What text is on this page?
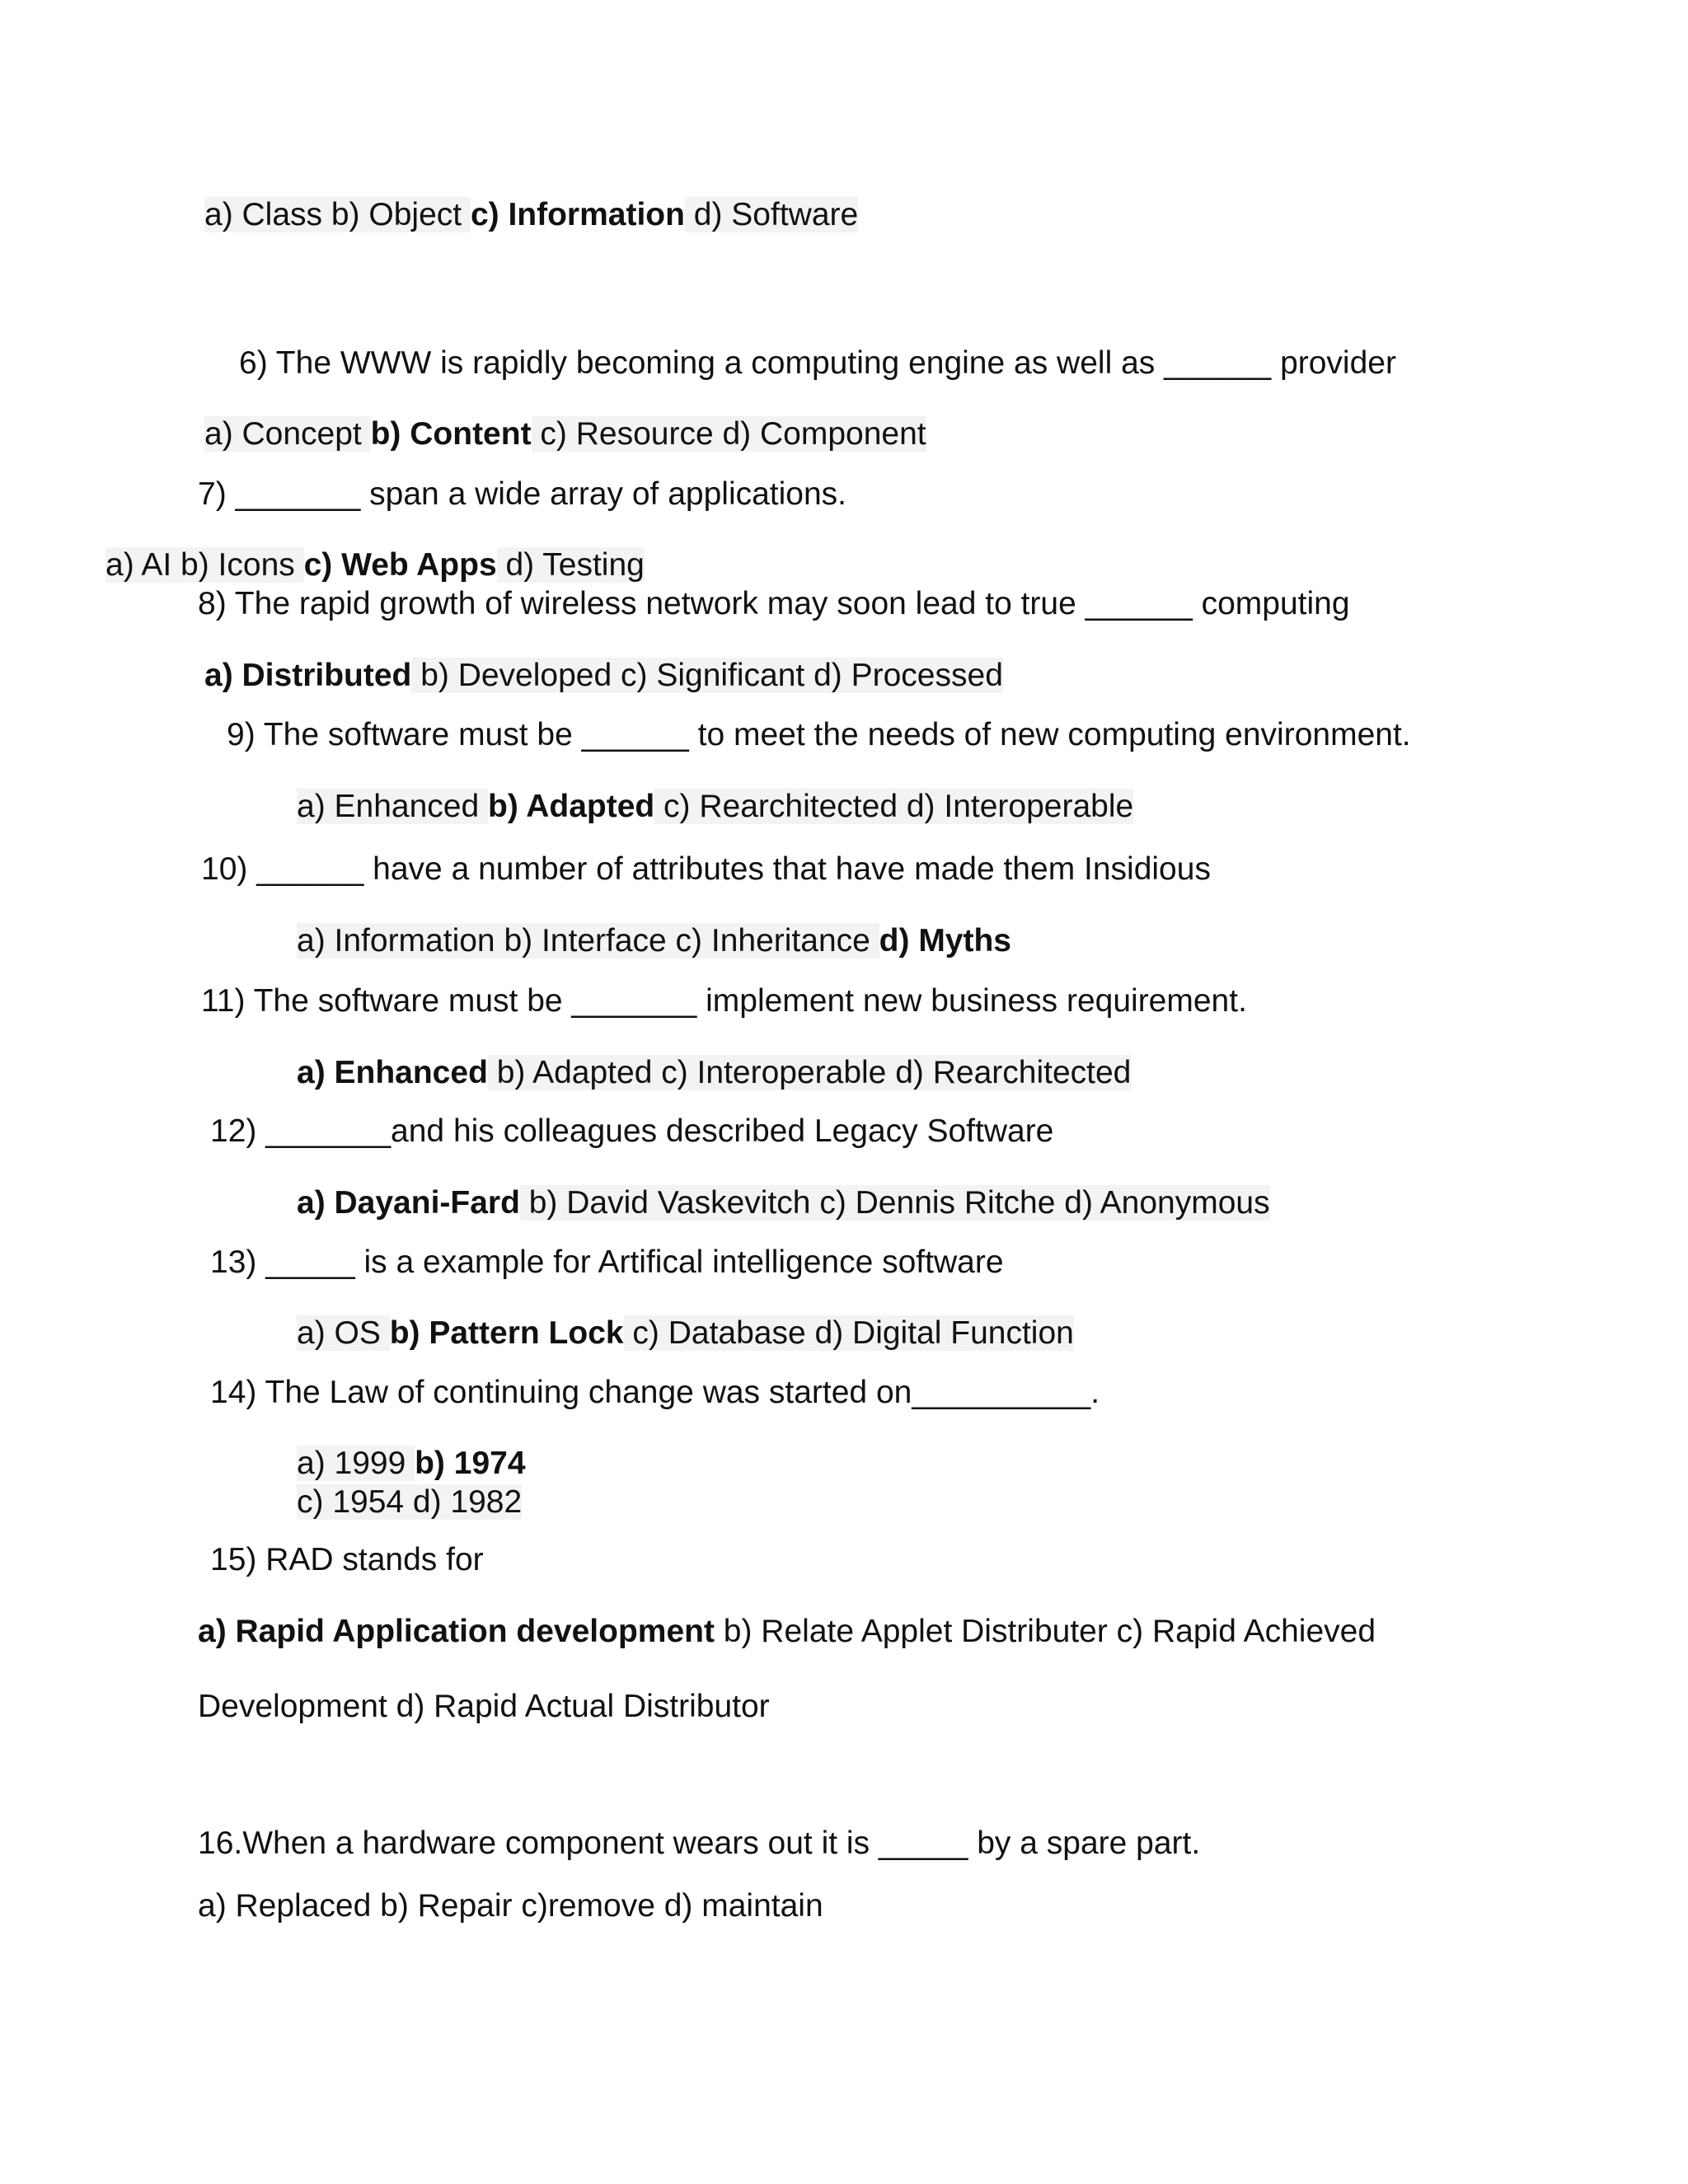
a) Class b) Object c) Information d) Software
6) The WWW is rapidly becoming a computing engine as well as ______ provider
a) Concept b) Content c) Resource d) Component
7) _______ span a wide array of applications.
a) AI b) Icons c) Web Apps d) Testing
8) The rapid growth of wireless network may soon lead to true ______ computing
a) Distributed b) Developed c) Significant d) Processed
9) The software must be ______ to meet the needs of new computing environment.
a) Enhanced b) Adapted c) Rearchitected d) Interoperable
10) ______ have a number of attributes that have made them Insidious
a) Information b) Interface c) Inheritance d) Myths
11) The software must be _______ implement new business requirement.
a) Enhanced b) Adapted c) Interoperable d) Rearchitected
12) _______and his colleagues described Legacy Software
a) Dayani-Fard b) David Vaskevitch c) Dennis Ritche d) Anonymous
13) _____ is a example for Artifical intelligence software
a) OS b) Pattern Lock c) Database d) Digital Function
14) The Law of continuing change was started on__________.
a) 1999 b) 1974
c) 1954 d) 1982
15) RAD stands for
a) Rapid Application development b) Relate Applet Distributer c) Rapid Achieved
Development d) Rapid Actual Distributor
16.When a hardware component wears out it is _____ by a spare part.
a) Replaced b) Repair c)remove d) maintain
